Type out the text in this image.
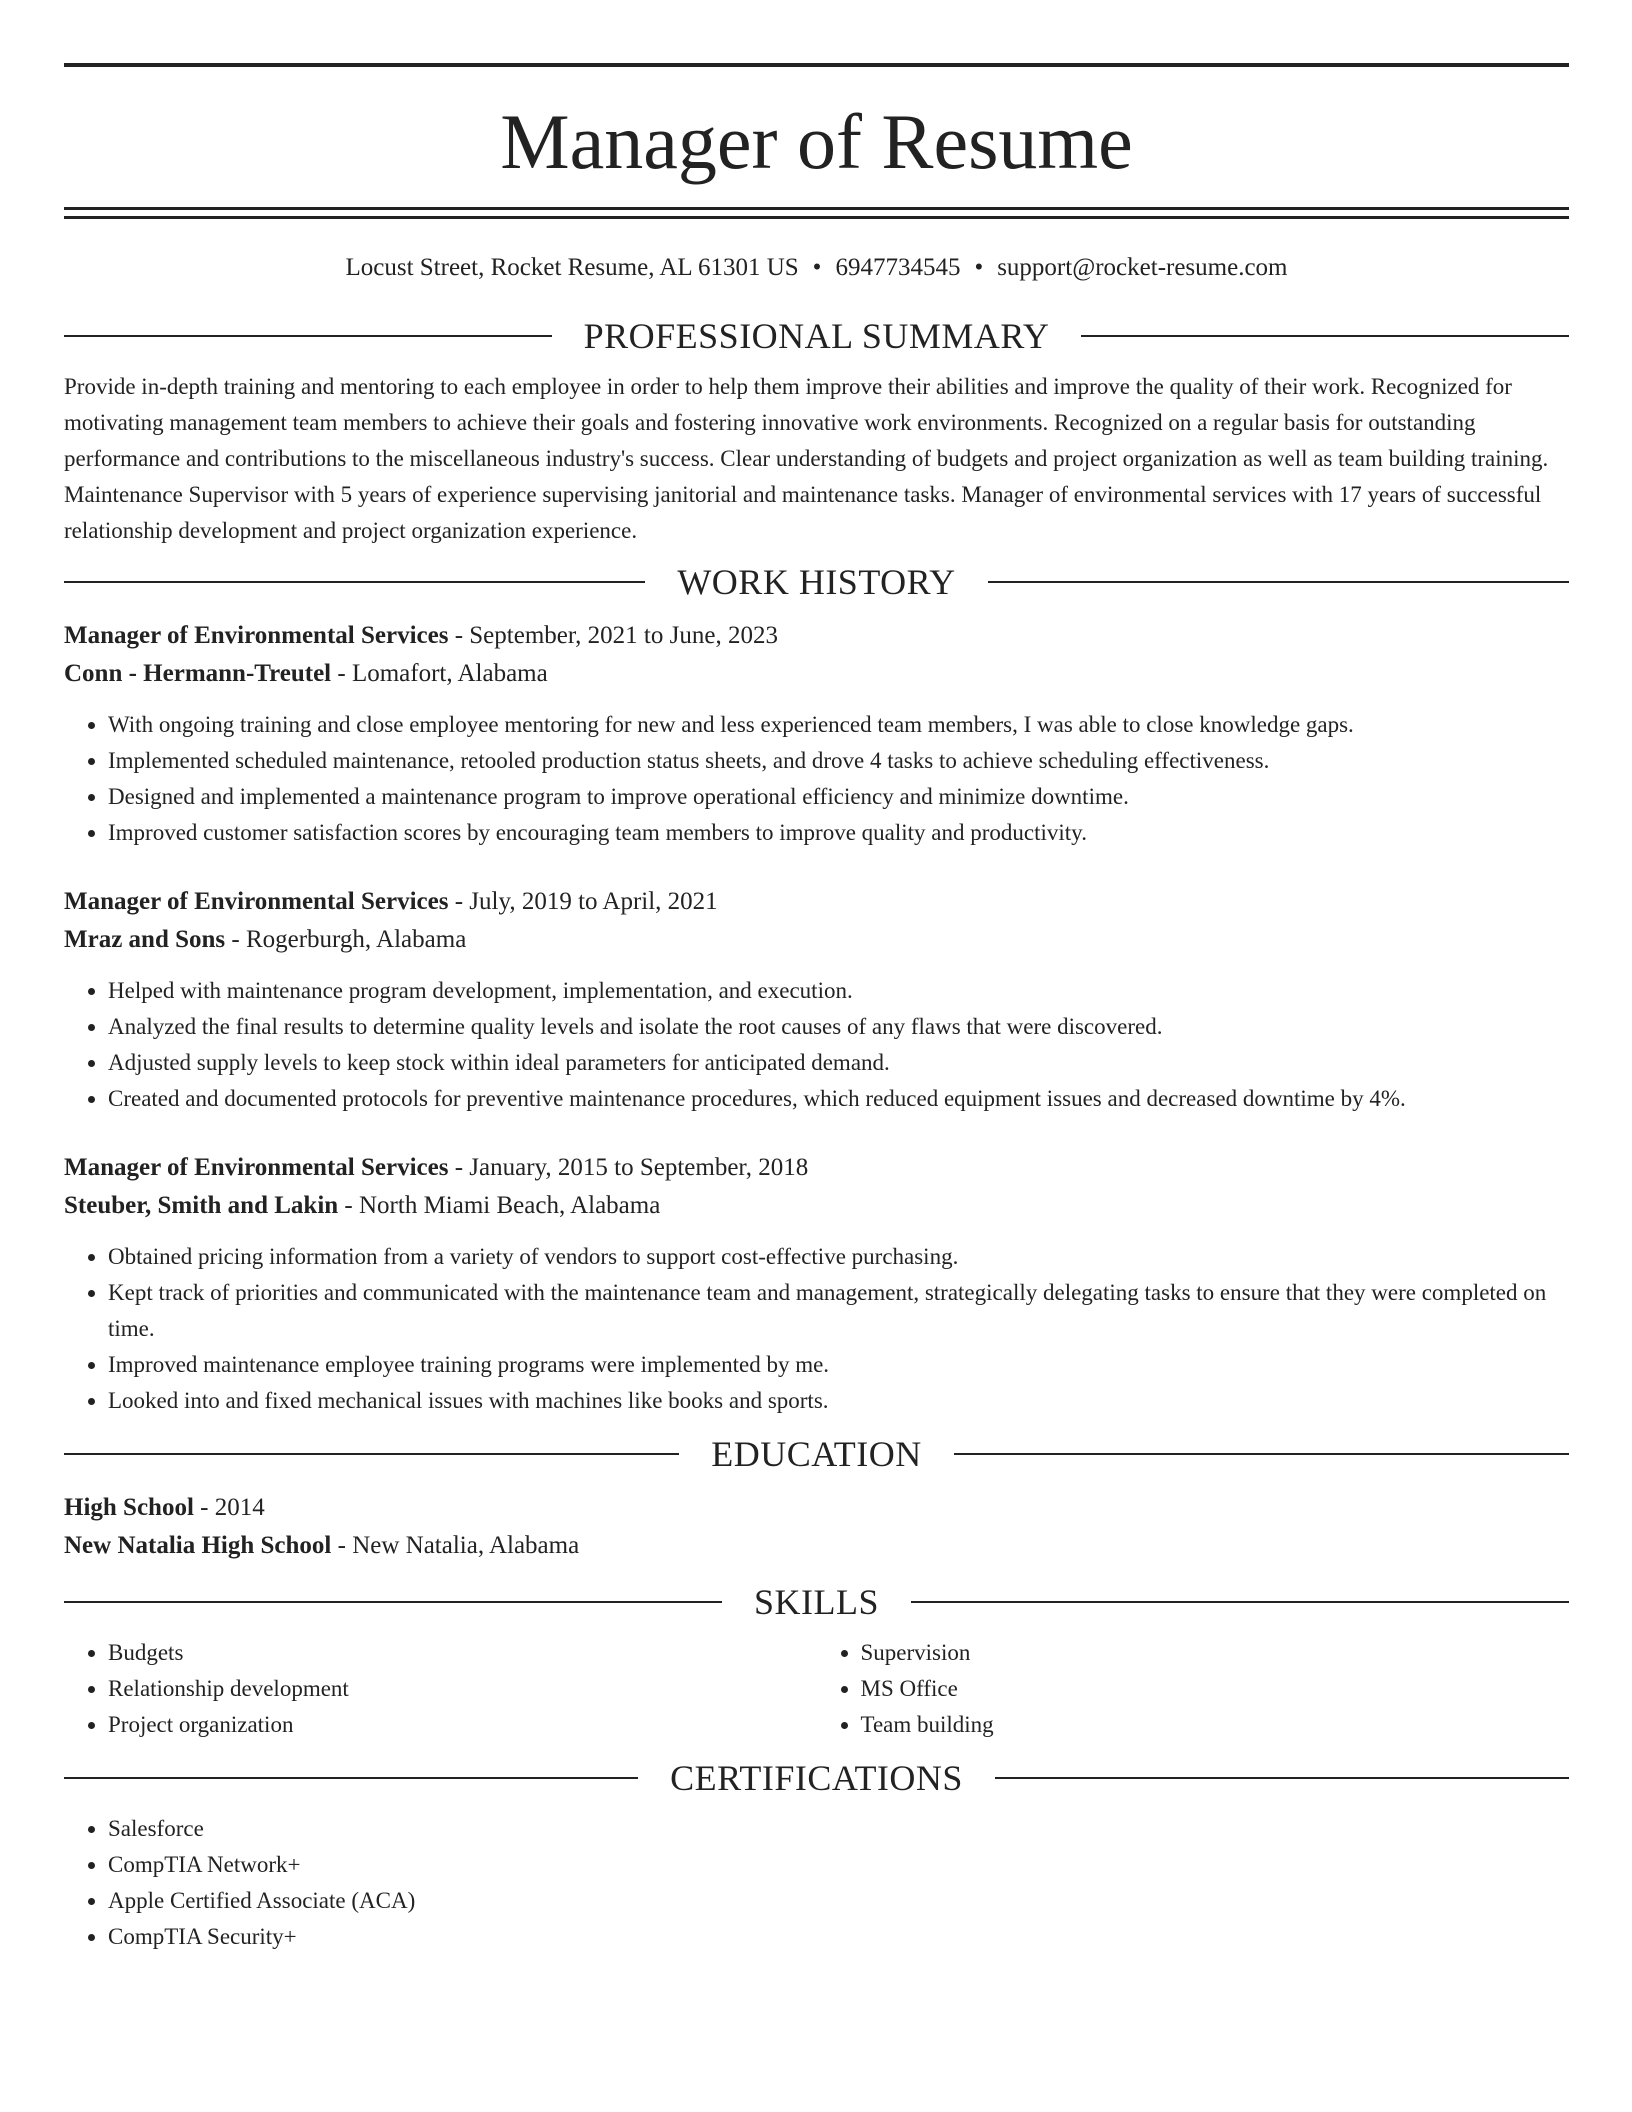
Manager of Resume
Locust Street, Rocket Resume, AL 61301 US • 6947734545 • support@rocket-resume.com
PROFESSIONAL SUMMARY

Provide in-depth training and mentoring to each employee in order to help them improve their abilities and improve the quality of their work. Recognized for motivating management team members to achieve their goals and fostering innovative work environments. Recognized on a regular basis for outstanding performance and contributions to the miscellaneous industry's success. Clear understanding of budgets and project organization as well as team building training. Maintenance Supervisor with 5 years of experience supervising janitorial and maintenance tasks. Manager of environmental services with 17 years of successful relationship development and project organization experience.

WORK HISTORY
Manager of Environmental Services - September, 2021 to June, 2023
Conn - Hermann-Treutel - Lomafort, Alabama
• With ongoing training and close employee mentoring for new and less experienced team members, I was able to close knowledge gaps.
• Implemented scheduled maintenance, retooled production status sheets, and drove 4 tasks to achieve scheduling effectiveness.
• Designed and implemented a maintenance program to improve operational efficiency and minimize downtime.
• Improved customer satisfaction scores by encouraging team members to improve quality and productivity.
Manager of Environmental Services - July, 2019 to April, 2021
Mraz and Sons - Rogerburgh, Alabama
• Helped with maintenance program development, implementation, and execution.
• Analyzed the final results to determine quality levels and isolate the root causes of any flaws that were discovered.
• Adjusted supply levels to keep stock within ideal parameters for anticipated demand.
• Created and documented protocols for preventive maintenance procedures, which reduced equipment issues and decreased downtime by 4%.
Manager of Environmental Services - January, 2015 to September, 2018
Steuber, Smith and Lakin - North Miami Beach, Alabama
• Obtained pricing information from a variety of vendors to support cost-effective purchasing.
• Kept track of priorities and communicated with the maintenance team and management, strategically delegating tasks to ensure that they were completed on time.
• Improved maintenance employee training programs were implemented by me.
• Looked into and fixed mechanical issues with machines like books and sports.
EDUCATION
High School - 2014
New Natalia High School - New Natalia, Alabama
SKILLS
• Budgets
• Relationship development
• Project organization
• Supervision
• MS Office
• Team building
CERTIFICATIONS
• Salesforce
• CompTIA Network+
• Apple Certified Associate (ACA)
• CompTIA Security+
